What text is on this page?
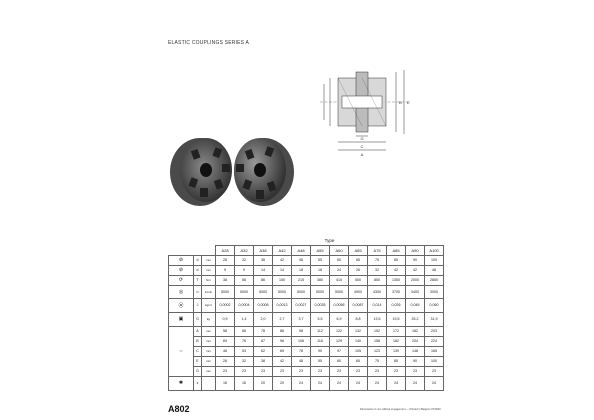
ELASTIC COUPLINGS SERIES A
C
A
G
B E
			Type											
			A28	A32	A38	A42	A48	A55	A60	A65	A75	A85	A90	A100
⊘	d	mm	28	32	38	42	48	55	60	65	75	85	90	100
⊘	d	mm	9	9	14	14	18	18	24	26	32	42	42	48
⟳	T	Nm	38	58	86	150	215	380	415	550	850	1350	2000	2850
◎	n	1/min	5000	5000	5000	5000	5000	5000	5000	4900	4300	3700	3400	3000
⦿	J	kgm²	0,0002	0,0004	0,0008	0,0013	0,0027	0,0035	0,0056	0,0087	0,014	0,026	0,045	0,060
▣	G	kg	0,9	1,4	2,0	2,7	3,7	5,5	6,9	8,8	13,5	19,5	25,2	31,9
⇔	A	mm	58	66	78	86	98	112	122	132	152	172	182	203
	B	mm	69	76	87	96	106	118	129	140	158	182	204	224
	C	mm	46	53	62	69	78	90	97	105	123	139	148	165
	E	mm	28	32	38	42	48	55	60	65	75	85	90	100
	G	mm	23	23	23	23	23	23	23	23	23	23	23	23
✱	z		16	16	20	20	24	24	24	24	24	24	24	24
A802	Dimensions in mm without engagement — Printed in Belgium 07/2003
